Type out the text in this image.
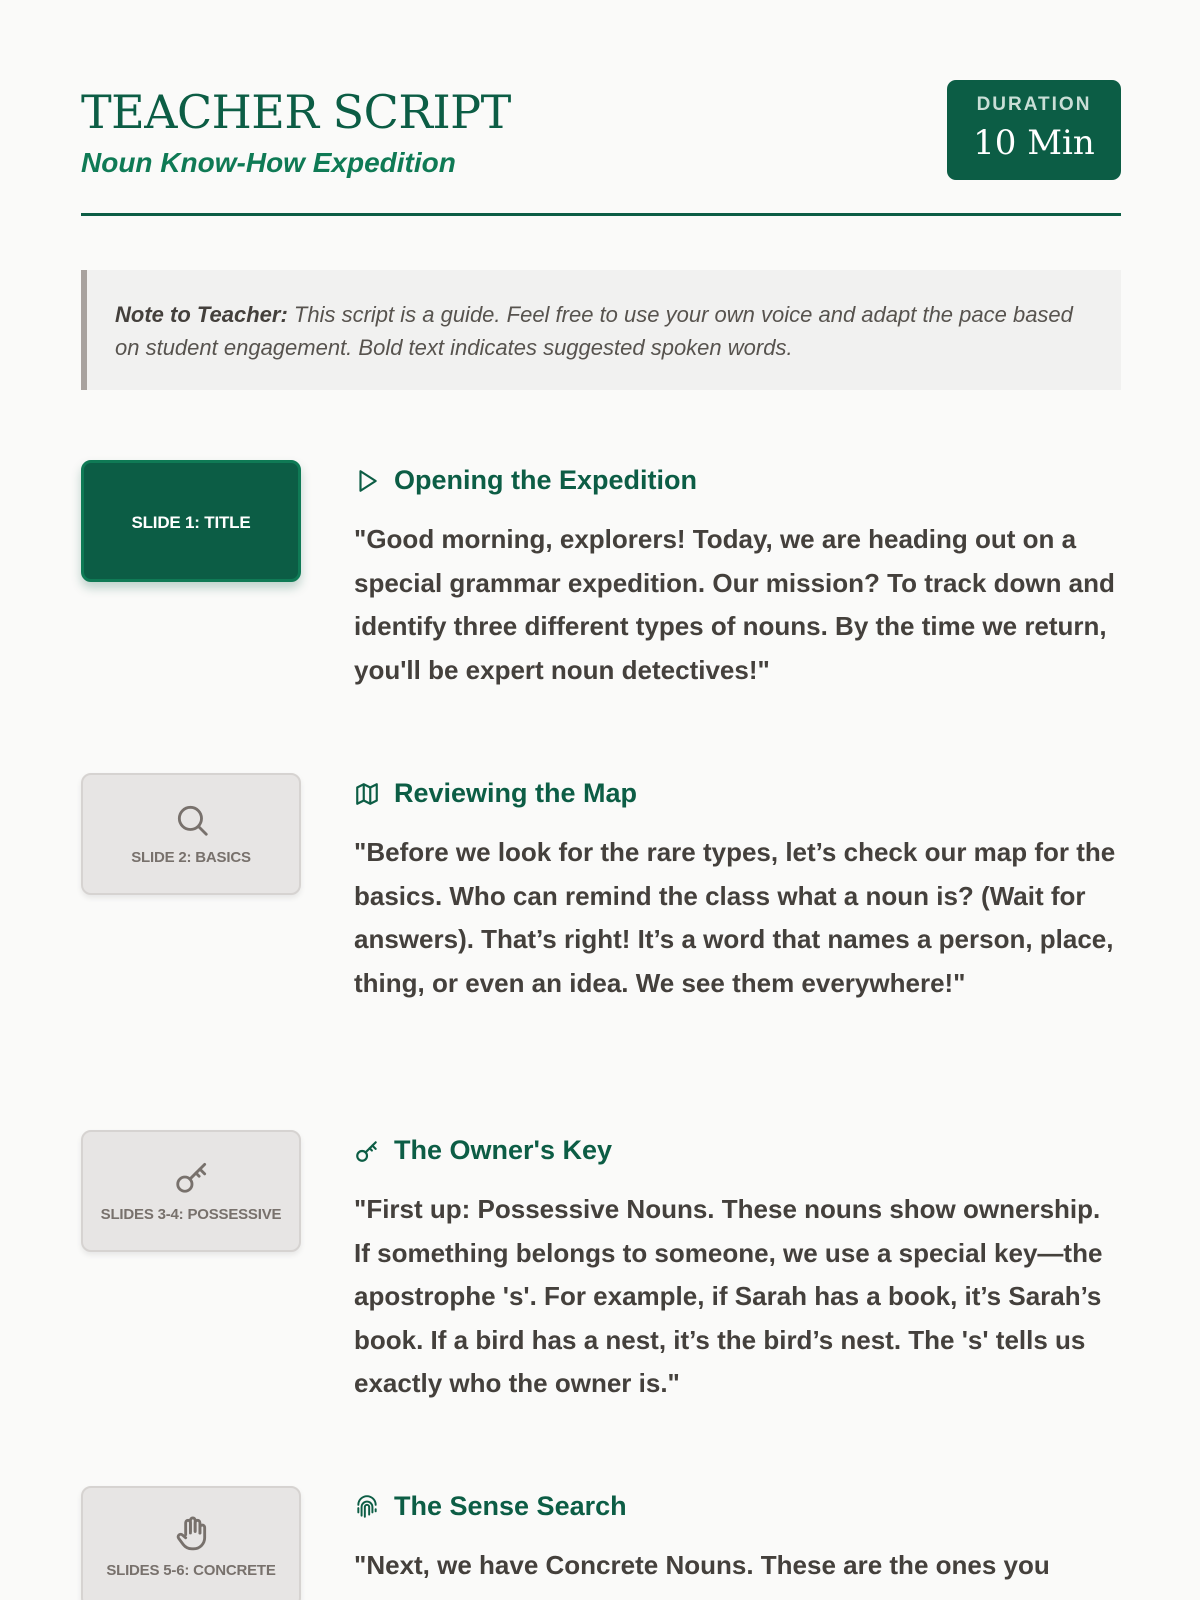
TEACHER SCRIPT
Noun Know-How Expedition
DURATION
10 Min
Note to Teacher: This script is a guide. Feel free to use your own voice and adapt the pace based on student engagement. Bold text indicates suggested spoken words.
SLIDE 1: TITLE
Opening the Expedition

"Good morning, explorers! Today, we are heading out on a special grammar expedition. Our mission? To track down and identify three different types of nouns. By the time we return, you'll be expert noun detectives!"

SLIDE 2: BASICS
Reviewing the Map

"Before we look for the rare types, let’s check our map for the basics. Who can remind the class what a noun is? (Wait for answers). That’s right! It’s a word that names a person, place, thing, or even an idea. We see them everywhere!"

SLIDES 3-4: POSSESSIVE
The Owner's Key

"First up: Possessive Nouns. These nouns show ownership. If something belongs to someone, we use a special key—the apostrophe 's'. For example, if Sarah has a book, it’s Sarah’s book. If a bird has a nest, it’s the bird’s nest. The 's' tells us exactly who the owner is."

SLIDES 5-6: CONCRETE
The Sense Search

"Next, we have Concrete Nouns. These are the ones you
